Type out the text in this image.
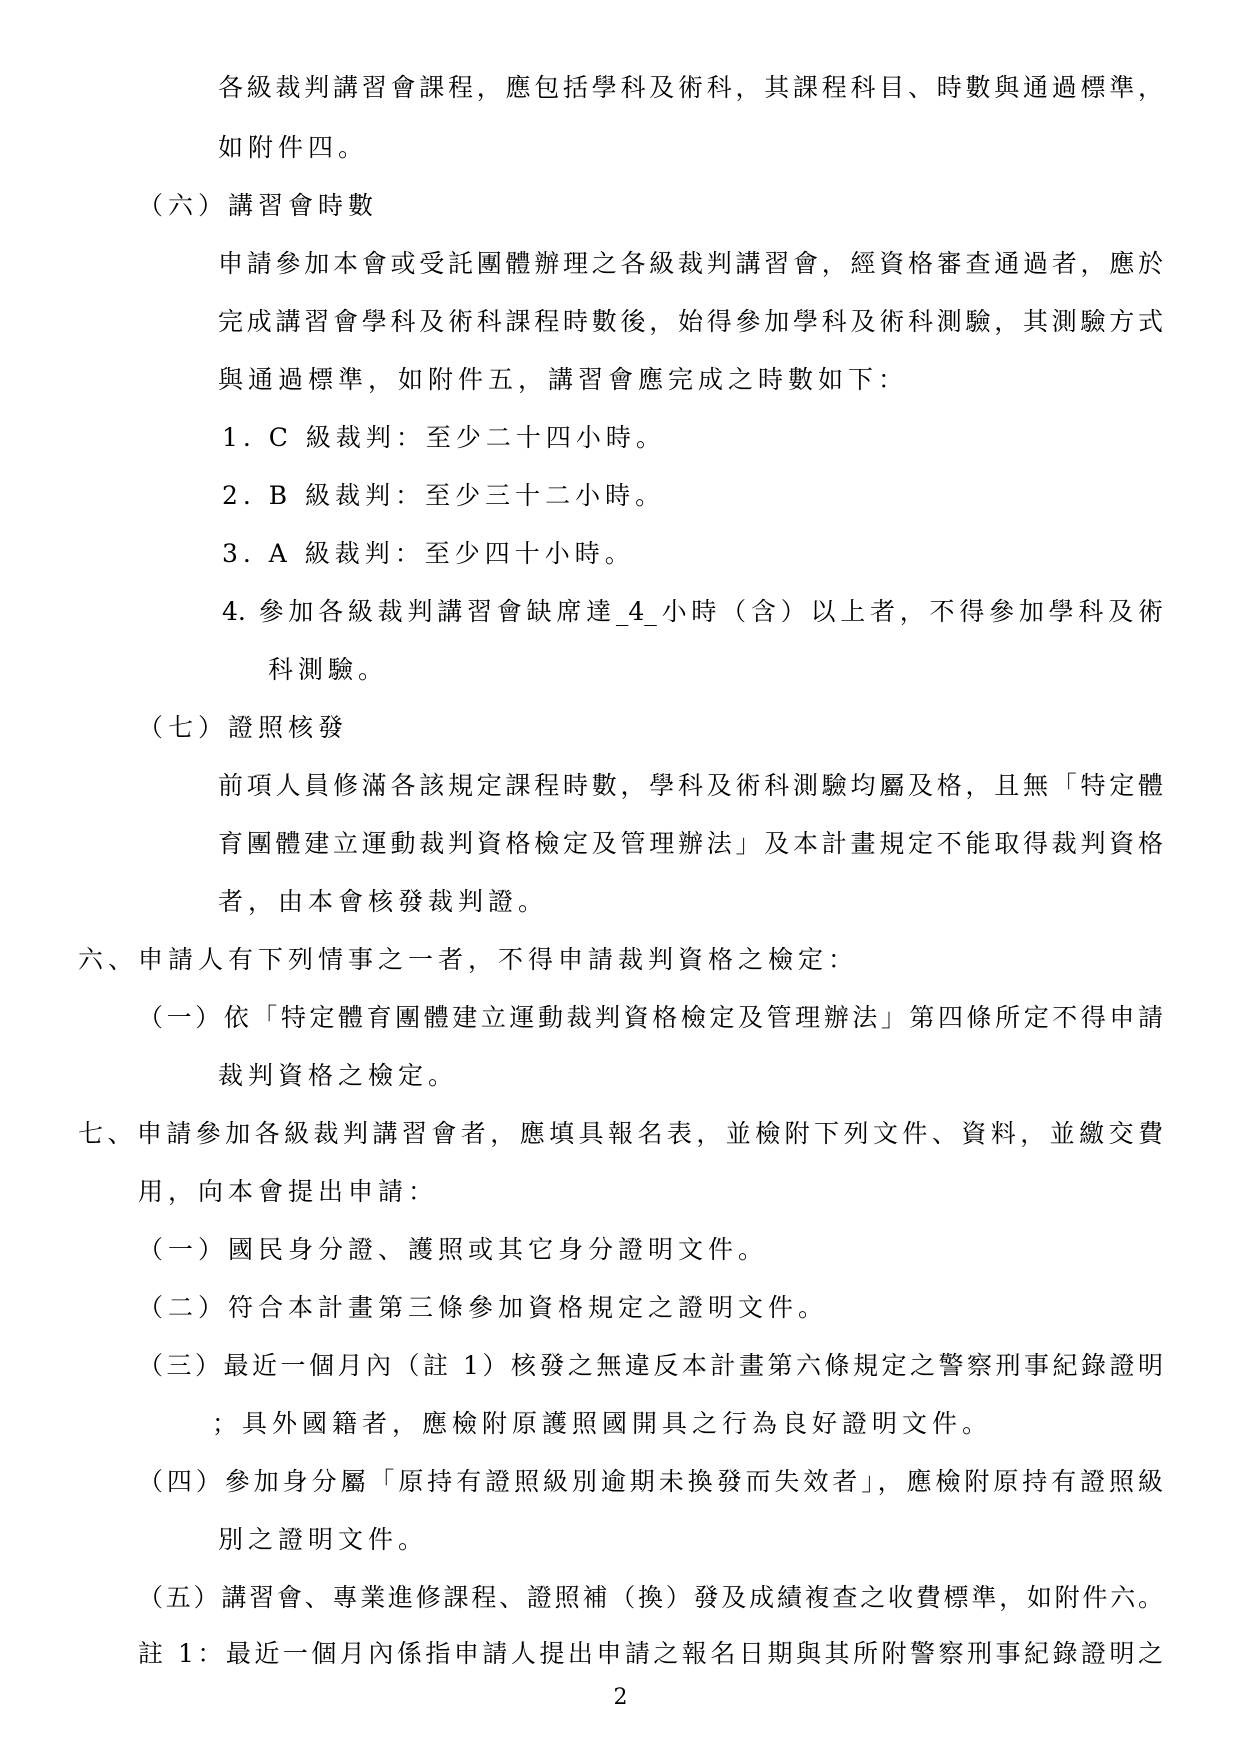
各級裁判講習會課程，應包括學科及術科，其課程科目、時數與通過標準，
如附件四。
（六）講習會時數
申請參加本會或受託團體辦理之各級裁判講習會，經資格審查通過者，應於
完成講習會學科及術科課程時數後，始得參加學科及術科測驗，其測驗方式
與通過標準，如附件五，講習會應完成之時數如下：
1. C 級裁判：至少二十四小時。
2. B 級裁判：至少三十二小時。
3. A 級裁判：至少四十小時。
4. 參加各級裁判講習會缺席達_4_小時（含）以上者，不得參加學科及術
科測驗。
（七）證照核發
前項人員修滿各該規定課程時數，學科及術科測驗均屬及格，且無「特定體
育團體建立運動裁判資格檢定及管理辦法」及本計畫規定不能取得裁判資格
者，由本會核發裁判證。
六、申請人有下列情事之一者，不得申請裁判資格之檢定：
（一）依「特定體育團體建立運動裁判資格檢定及管理辦法」第四條所定不得申請
裁判資格之檢定。
七、申請參加各級裁判講習會者，應填具報名表，並檢附下列文件、資料，並繳交費
用，向本會提出申請：
（一）國民身分證、護照或其它身分證明文件。
（二）符合本計畫第三條參加資格規定之證明文件。
（三）最近一個月內（註 1）核發之無違反本計畫第六條規定之警察刑事紀錄證明
；具外國籍者，應檢附原護照國開具之行為良好證明文件。
（四）參加身分屬「原持有證照級別逾期未換發而失效者」，應檢附原持有證照級
別之證明文件。
（五）講習會、專業進修課程、證照補（換）發及成績複查之收費標準，如附件六。
註 1：最近一個月內係指申請人提出申請之報名日期與其所附警察刑事紀錄證明之
2
